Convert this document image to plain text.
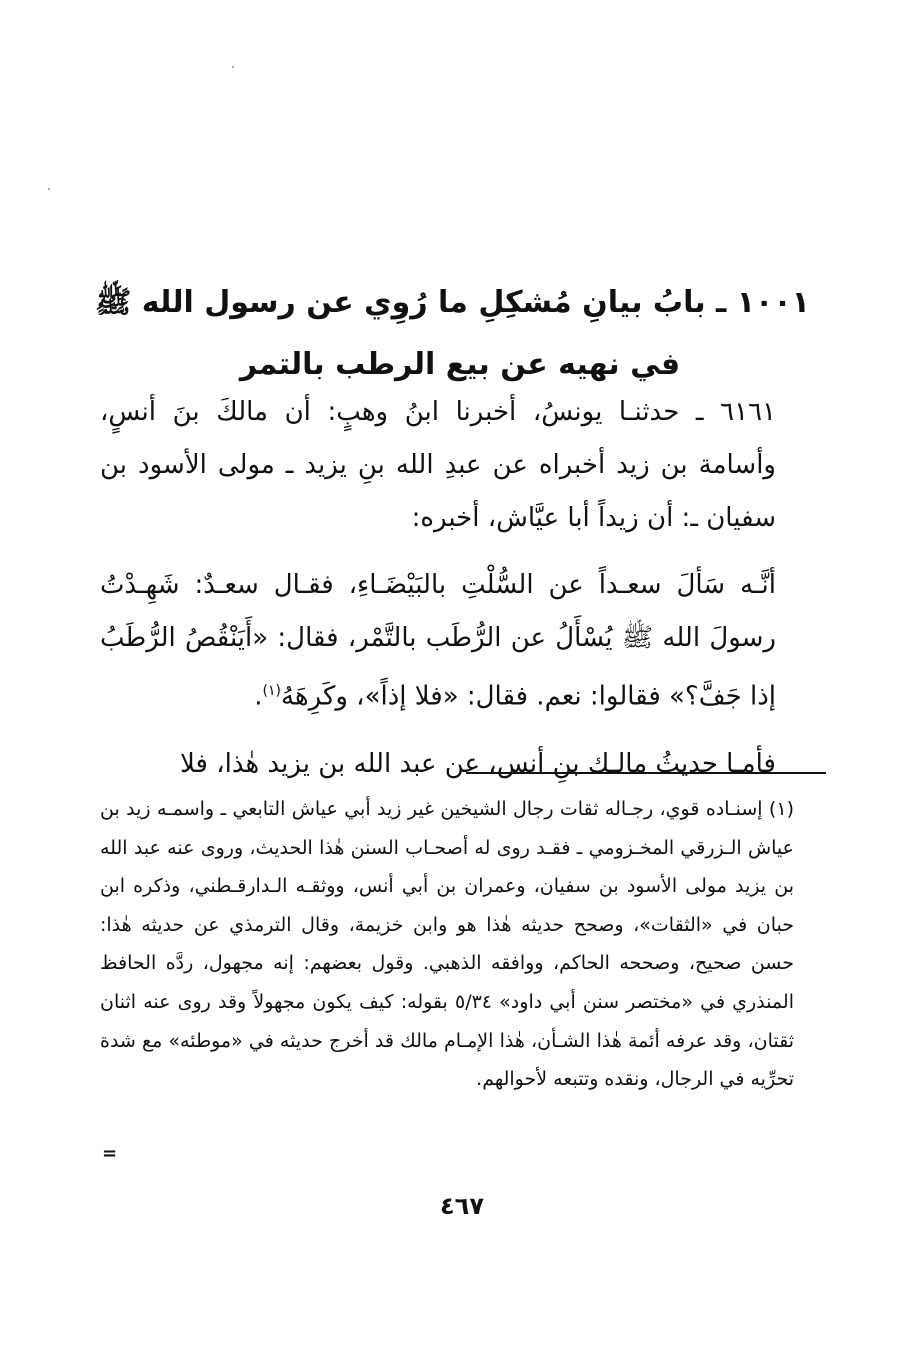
١٠٠١ ـ بابُ بيانِ مُشكِلِ ما رُوِي عن رسول الله ﷺ
في نهيه عن بيع الرطب بالتمر

٦١٦١ ـ حدثنـا يونسُ، أخبرنا ابنُ وهبٍ: أن مالكَ بنَ أنسٍ، وأسامة بن زيد أخبراه عن عبدِ الله بنِ يزيد ـ مولى الأسود بن سفيان ـ: أن زيداً أبا عيَّاش، أخبره:

أنَّـه سَألَ سعـداً عن السُّلْتِ بالبَيْضَـاءِ، فقـال سعـدٌ: شَهِـدْتُ رسولَ الله ﷺ يُسْأَلُ عن الرُّطَب بالتَّمْر، فقال: «أَيَنْقُصُ الرُّطَبُ إذا جَفَّ؟» فقالوا: نعم. فقال: «فلا إذاً»، وكَرِهَهُ$^{(١)}$.

فأمـا حديثُ مالـك بنِ أنس، عن عبد الله بن يزيد هٰذا، فلا

(١) إسنـاده قوي، رجـاله ثقات رجال الشيخين غير زيد أبي عياش التابعي ـ واسمـه زيد بن عياش الـزرقي المخـزومي ـ فقـد روى له أصحـاب السنن هٰذا الحديث، وروى عنه عبد الله بن يزيد مولى الأسود بن سفيان، وعمران بن أبي أنس، ووثقـه الـدارقـطني، وذكره ابن حبان في «الثقات»، وصحح حديثه هٰذا هو وابن خزيمة، وقال الترمذي عن حديثه هٰذا: حسن صحيح، وصححه الحاكم، ووافقه الذهبي. وقول بعضهم: إنه مجهول، ردَّه الحافظ المنذري في «مختصر سنن أبي داود» ٥/٣٤ بقوله: كيف يكون مجهولاً وقد روى عنه اثنان ثقتان، وقد عرفه أئمة هٰذا الشـأن، هٰذا الإمـام مالك قد أخرج حديثه في «موطئه» مع شدة تحرِّيه في الرجال، ونقده وتتبعه لأحوالهم.

=
٤٦٧
